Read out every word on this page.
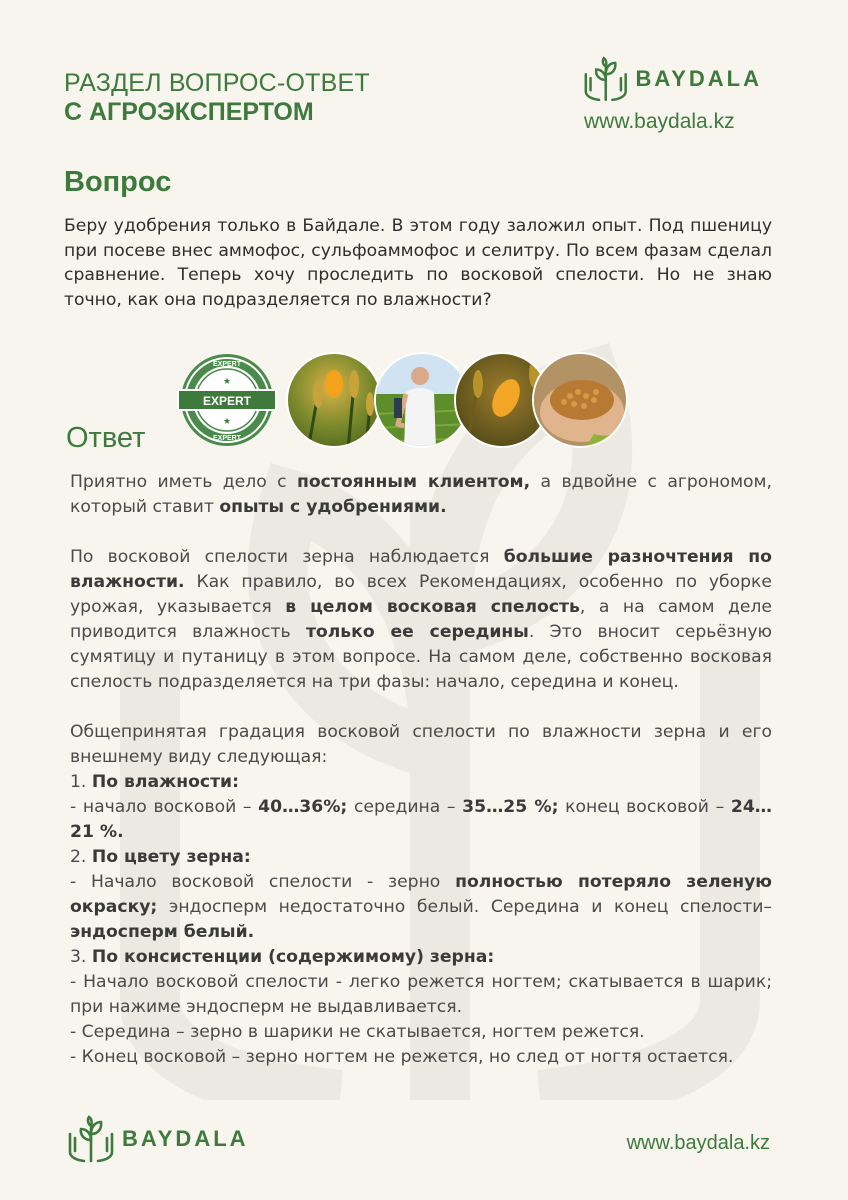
РАЗДЕЛ ВОПРОС-ОТВЕТ
С АГРОЭКСПЕРТОМ
BAYDALA
www.baydala.kz
Вопрос

Беру удобрения только в Байдале. В этом году заложил опыт. Под пшеницу при посеве внес аммофос, сульфоаммофос и селитру. По всем фазам сделал сравнение. Теперь хочу проследить по восковой спелости. Но не знаю точно, как она подразделяется по влажности?

EXPERT
EXPERT
EXPERT
★
★
Ответ

Приятно иметь дело с постоянным клиентом, а вдвойне с агрономом, который ставит опыты с удобрениями.

По восковой спелости зерна наблюдается большие разночтения по влажности. Как правило, во всех Рекомендациях, особенно по уборке урожая, указывается в целом восковая спелость, а на самом деле приводится влажность только ее середины. Это вносит серьёзную сумятицу и путаницу в этом вопросе. На самом деле, собственно восковая спелость подразделяется на три фазы: начало, середина и конец.

Общепринятая градация восковой спелости по влажности зерна и его внешнему виду следующая:
1. По влажности:
- начало восковой – 40…36%; середина – 35…25 %; конец восковой – 24…21 %.
2. По цвету зерна:
- Начало восковой спелости - зерно полностью потеряло зеленую окраску; эндосперм недостаточно белый. Середина и конец спелости–эндосперм белый.
3. По консистенции (содержимому) зерна:
- Начало восковой спелости - легко режется ногтем; скатывается в шарик; при нажиме эндосперм не выдавливается.
- Середина – зерно в шарики не скатывается, ногтем режется.
- Конец восковой – зерно ногтем не режется, но след от ногтя остается.

BAYDALA	www.baydala.kz
